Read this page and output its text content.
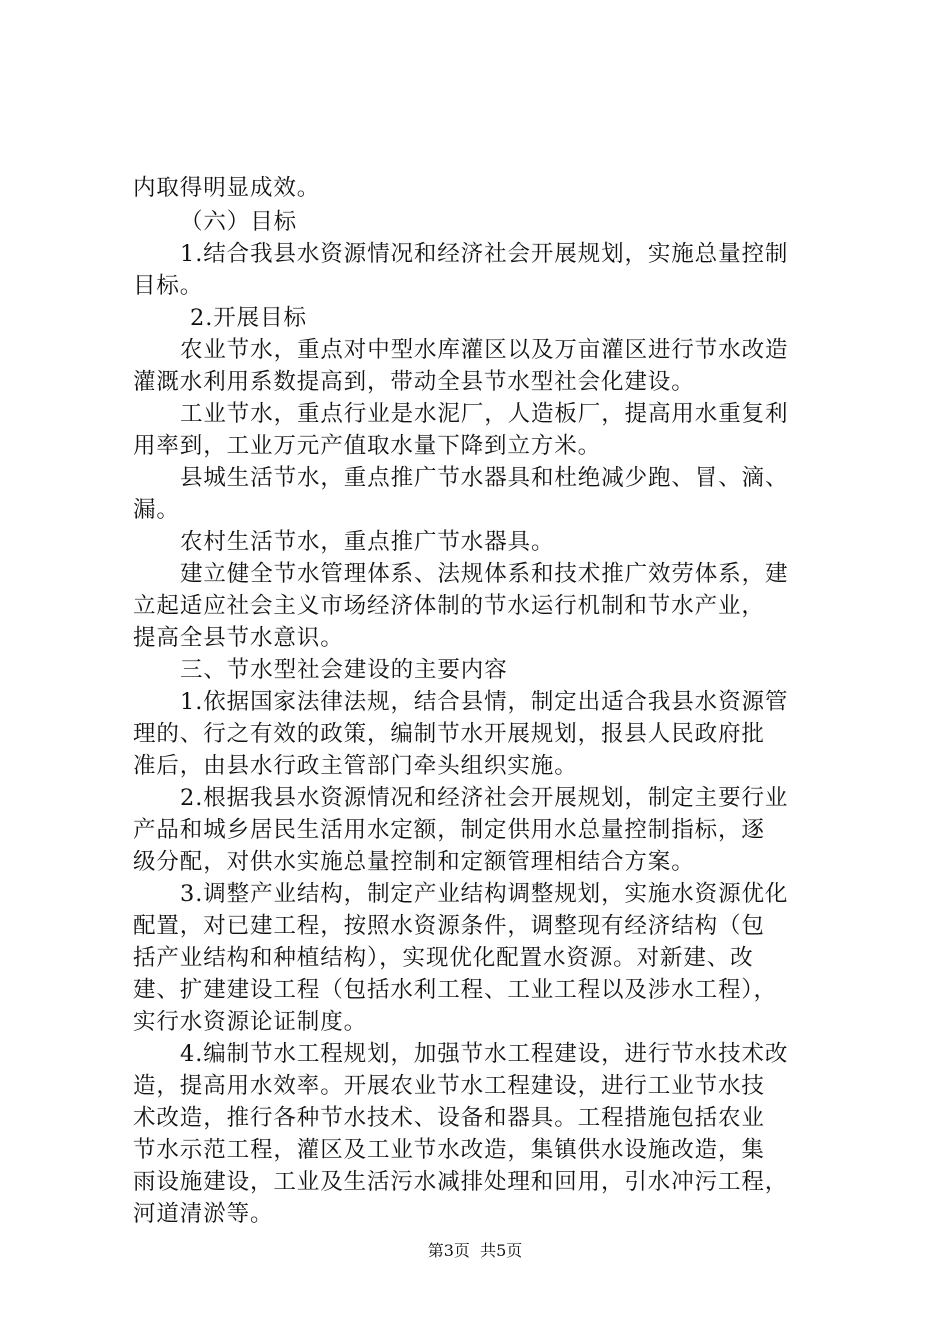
内取得明显成效。
（六）目标
1.结合我县水资源情况和经济社会开展规划，实施总量控制
目标。
2.开展目标
农业节水，重点对中型水库灌区以及万亩灌区进行节水改造
灌溉水利用系数提高到，带动全县节水型社会化建设。
工业节水，重点行业是水泥厂，人造板厂，提高用水重复利
用率到，工业万元产值取水量下降到立方米。
县城生活节水，重点推广节水器具和杜绝减少跑、冒、滴、
漏。
农村生活节水，重点推广节水器具。
建立健全节水管理体系、法规体系和技术推广效劳体系，建
立起适应社会主义市场经济体制的节水运行机制和节水产业，
提高全县节水意识。
三、节水型社会建设的主要内容
1.依据国家法律法规，结合县情，制定出适合我县水资源管
理的、行之有效的政策，编制节水开展规划，报县人民政府批
准后，由县水行政主管部门牵头组织实施。
2.根据我县水资源情况和经济社会开展规划，制定主要行业
产品和城乡居民生活用水定额，制定供用水总量控制指标，逐
级分配，对供水实施总量控制和定额管理相结合方案。
3.调整产业结构，制定产业结构调整规划，实施水资源优化
配置，对已建工程，按照水资源条件，调整现有经济结构（包
括产业结构和种植结构），实现优化配置水资源。对新建、改
建、扩建建设工程（包括水利工程、工业工程以及涉水工程），
实行水资源论证制度。
4.编制节水工程规划，加强节水工程建设，进行节水技术改
造，提高用水效率。开展农业节水工程建设，进行工业节水技
术改造，推行各种节水技术、设备和器具。工程措施包括农业
节水示范工程，灌区及工业节水改造，集镇供水设施改造，集
雨设施建设，工业及生活污水减排处理和回用，引水冲污工程，
河道清淤等。
第3页  共5页
